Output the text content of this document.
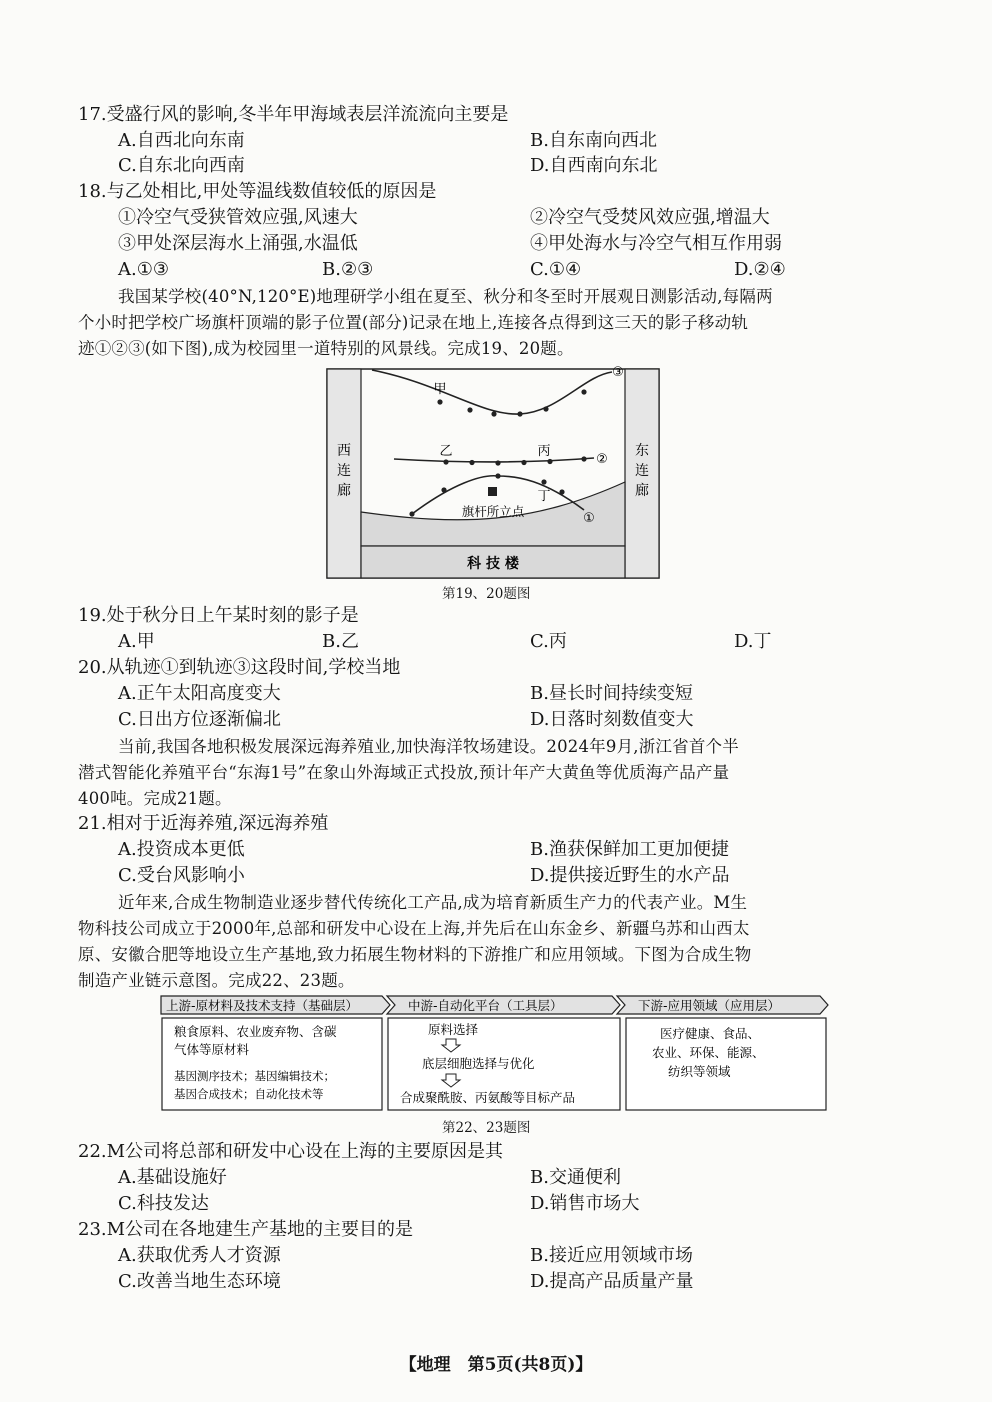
17.受盛行风的影响,冬半年甲海域表层洋流流向主要是
A.自西北向东南	B.自东南向西北
C.自东北向西南	D.自西南向东北
18.与乙处相比,甲处等温线数值较低的原因是
①冷空气受狭管效应强,风速大	②冷空气受焚风效应强,增温大
③甲处深层海水上涌强,水温低	④甲处海水与冷空气相互作用弱
A.①③	B.②③	C.①④	D.②④
我国某学校(40°N,120°E)地理研学小组在夏至、秋分和冬至时开展观日测影活动,每隔两
个小时把学校广场旗杆顶端的影子位置(部分)记录在地上,连接各点得到这三天的影子移动轨
迹①②③(如下图),成为校园里一道特别的风景线。完成19、20题。
西
连
廊
东
连
廊
科 技 楼
甲
③
乙	丙
②
旗杆所立点
丁
①
第19、20题图
19.处于秋分日上午某时刻的影子是
A.甲	B.乙	C.丙	D.丁
20.从轨迹①到轨迹③这段时间,学校当地
A.正午太阳高度变大	B.昼长时间持续变短
C.日出方位逐渐偏北	D.日落时刻数值变大
当前,我国各地积极发展深远海养殖业,加快海洋牧场建设。2024年9月,浙江省首个半
潜式智能化养殖平台“东海1号”在象山外海域正式投放,预计年产大黄鱼等优质海产品产量
400吨。完成21题。
21.相对于近海养殖,深远海养殖
A.投资成本更低	B.渔获保鲜加工更加便捷
C.受台风影响小	D.提供接近野生的水产品
近年来,合成生物制造业逐步替代传统化工产品,成为培育新质生产力的代表产业。M生
物科技公司成立于2000年,总部和研发中心设在上海,并先后在山东金乡、新疆乌苏和山西太
原、安徽合肥等地设立生产基地,致力拓展生物材料的下游推广和应用领域。下图为合成生物
制造产业链示意图。完成22、23题。
上游-原材料及技术支持（基础层）	中游-自动化平台（工具层）	下游-应用领域（应用层）
粮食原料、农业废弃物、含碳
气体等原材料
基因测序技术；基因编辑技术；
基因合成技术；自动化技术等
原料选择
底层细胞选择与优化
合成聚酰胺、丙氨酸等目标产品
医疗健康、食品、
农业、环保、能源、
纺织等领域
第22、23题图
22.M公司将总部和研发中心设在上海的主要原因是其
A.基础设施好	B.交通便利
C.科技发达	D.销售市场大
23.M公司在各地建生产基地的主要目的是
A.获取优秀人才资源	B.接近应用领域市场
C.改善当地生态环境	D.提高产品质量产量
【地理　第5页(共8页)】
